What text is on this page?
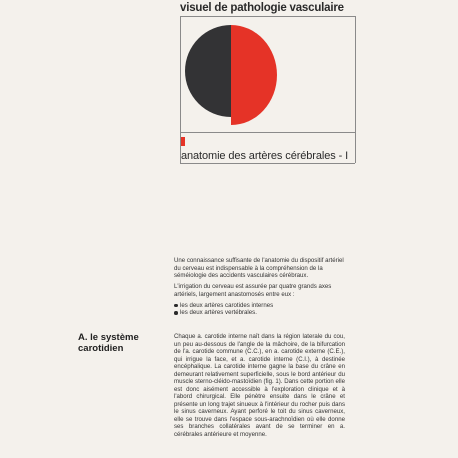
visuel de pathologie vasculaire
anatomie des artères cérébrales - I

Une connaissance suffisante de l'anatomie du dispositif artériel du cerveau est indispensable à la compréhension de la séméiologie des accidents vasculaires cérébraux.

L'irrigation du cerveau est assurée par quatre grands axes artériels, largement anastomosés entre eux :

les deux artères carotides internes
les deux artères vertébrales.
A. le système carotidien
Chaque a. carotide interne naît dans la région laterale du cou, un peu au-dessous de l'angle de la mâchoire, de la bifurcation de l'a. carotide commune (C.C.), en a. carotide externe (C.E.), qui irrigue la face, et a. carotide interne (C.I.), à destinée encéphalique. La carotide interne gagne la base du crâne en demeurant relativement superficielle, sous le bord antérieur du muscle sterno-cléido-mastoïdien (fig. 1). Dans cette portion elle est donc aisément accessible à l'exploration clinique et à l'abord chirurgical. Elle pénètre ensuite dans le crâne et présente un long trajet sinueux à l'intérieur du rocher puis dans le sinus caverneux. Ayant perforé le toit du sinus caverneux, elle se trouve dans l'espace sous-arachnoïdien où elle donne ses branches collatérales avant de se terminer en a. cérébrales antérieure et moyenne.
